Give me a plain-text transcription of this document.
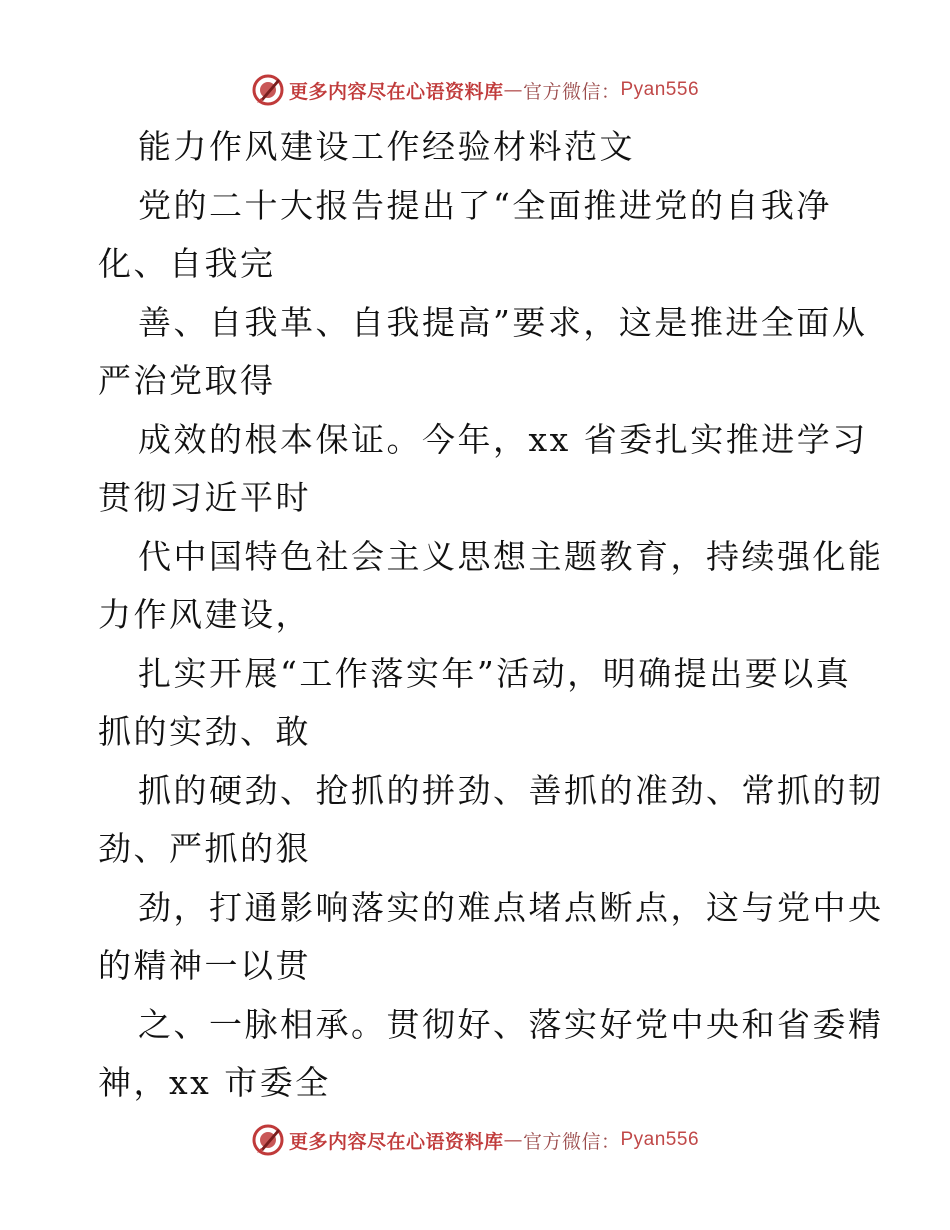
更多内容尽在心语资料库 — 官方微信： Pyan556
能力作风建设工作经验材料范文
党的二十大报告提出了“全面推进党的自我净
化、自我完
善、自我革、自我提高”要求，这是推进全面从
严治党取得
成效的根本保证。今年，xx 省委扎实推进学习
贯彻习近平时
代中国特色社会主义思想主题教育，持续强化能
力作风建设，
扎实开展“工作落实年”活动，明确提出要以真
抓的实劲、敢
抓的硬劲、抢抓的拼劲、善抓的准劲、常抓的韧
劲、严抓的狠
劲，打通影响落实的难点堵点断点，这与党中央
的精神一以贯
之、一脉相承。贯彻好、落实好党中央和省委精
神，xx 市委全
更多内容尽在心语资料库 — 官方微信： Pyan556
